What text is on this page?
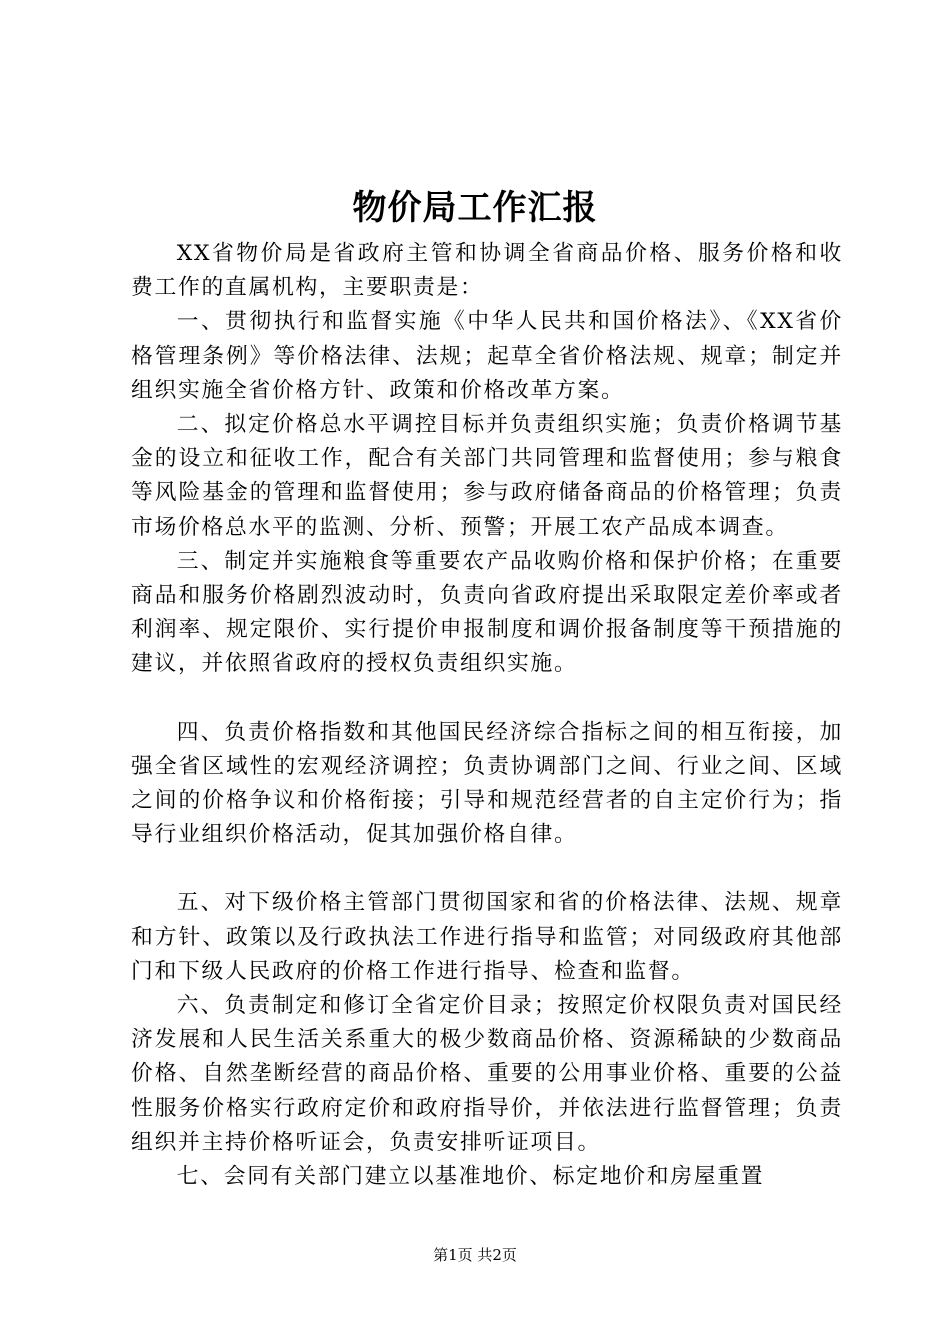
物价局工作汇报

XX省物价局是省政府主管和协调全省商品价格、服务价格和收费工作的直属机构，主要职责是：

一、贯彻执行和监督实施《中华人民共和国价格法》、《XX省价格管理条例》等价格法律、法规；起草全省价格法规、规章；制定并组织实施全省价格方针、政策和价格改革方案。

二、拟定价格总水平调控目标并负责组织实施；负责价格调节基金的设立和征收工作，配合有关部门共同管理和监督使用；参与粮食等风险基金的管理和监督使用；参与政府储备商品的价格管理；负责市场价格总水平的监测、分析、预警；开展工农产品成本调查。

三、制定并实施粮食等重要农产品收购价格和保护价格；在重要商品和服务价格剧烈波动时，负责向省政府提出采取限定差价率或者利润率、规定限价、实行提价申报制度和调价报备制度等干预措施的建议，并依照省政府的授权负责组织实施。

四、负责价格指数和其他国民经济综合指标之间的相互衔接，加强全省区域性的宏观经济调控；负责协调部门之间、行业之间、区域之间的价格争议和价格衔接；引导和规范经营者的自主定价行为；指导行业组织价格活动，促其加强价格自律。

五、对下级价格主管部门贯彻国家和省的价格法律、法规、规章和方针、政策以及行政执法工作进行指导和监管；对同级政府其他部门和下级人民政府的价格工作进行指导、检查和监督。

六、负责制定和修订全省定价目录；按照定价权限负责对国民经济发展和人民生活关系重大的极少数商品价格、资源稀缺的少数商品价格、自然垄断经营的商品价格、重要的公用事业价格、重要的公益性服务价格实行政府定价和政府指导价，并依法进行监督管理；负责组织并主持价格听证会，负责安排听证项目。

七、会同有关部门建立以基准地价、标定地价和房屋重置

第1页 共2页
